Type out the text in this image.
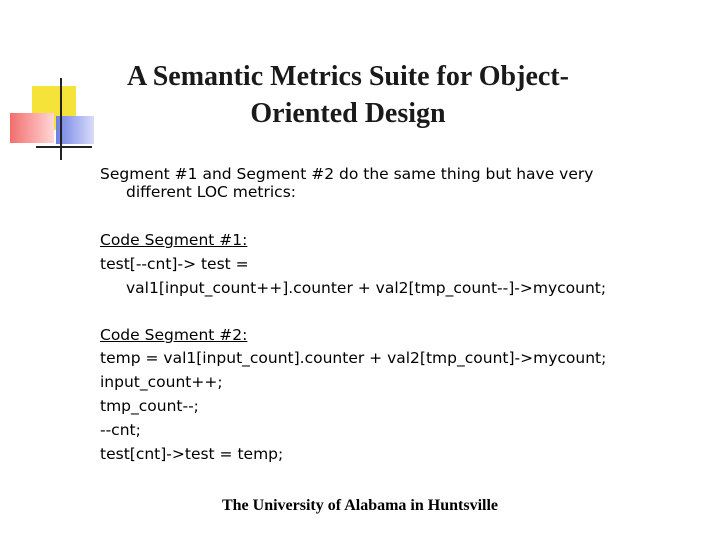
A Semantic Metrics Suite for Object-
Oriented Design
Segment #1 and Segment #2 do the same thing but have very
different LOC metrics:
Code Segment #1:
test[--cnt]-> test =
val1[input_count++].counter + val2[tmp_count--]->mycount;
Code Segment #2:
temp = val1[input_count].counter + val2[tmp_count]->mycount;
input_count++;
tmp_count--;
--cnt;
test[cnt]->test = temp;
The University of Alabama in Huntsville
